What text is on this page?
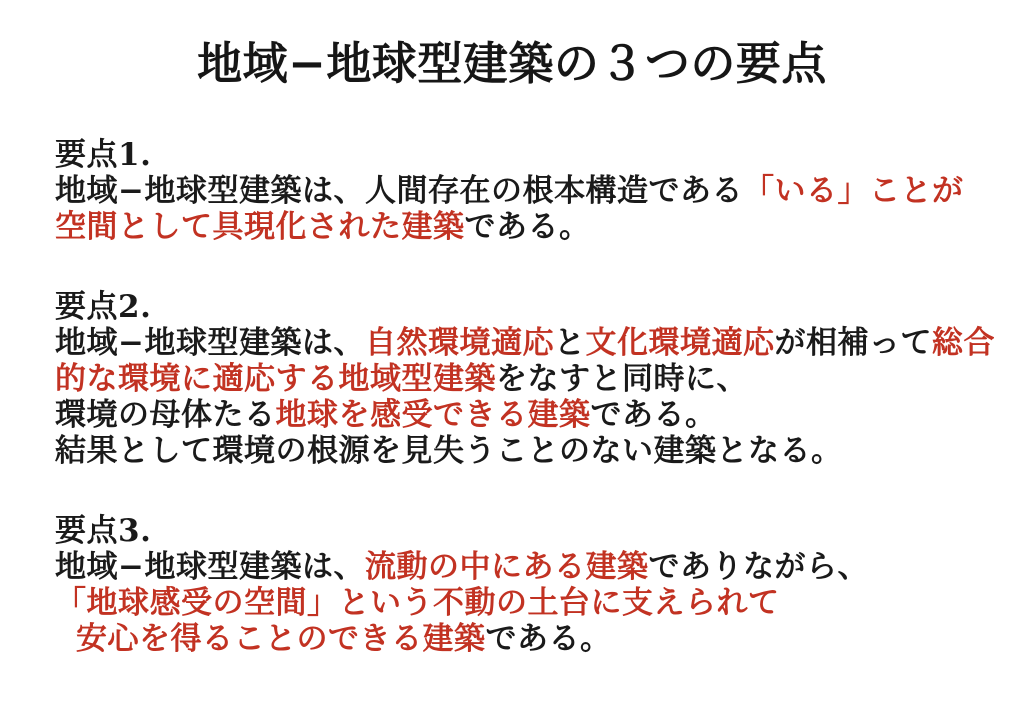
地域−地球型建築の３つの要点

要点1.

地域−地球型建築は、人間存在の根本構造である「いる」ことが

空間として具現化された建築である。

要点2.

地域−地球型建築は、自然環境適応と文化環境適応が相補って総合

的な環境に適応する地域型建築をなすと同時に、

環境の母体たる地球を感受できる建築である。

結果として環境の根源を見失うことのない建築となる。

要点3.

地域−地球型建築は、流動の中にある建築でありながら、

「地球感受の空間」という不動の土台に支えられて

安心を得ることのできる建築である。
